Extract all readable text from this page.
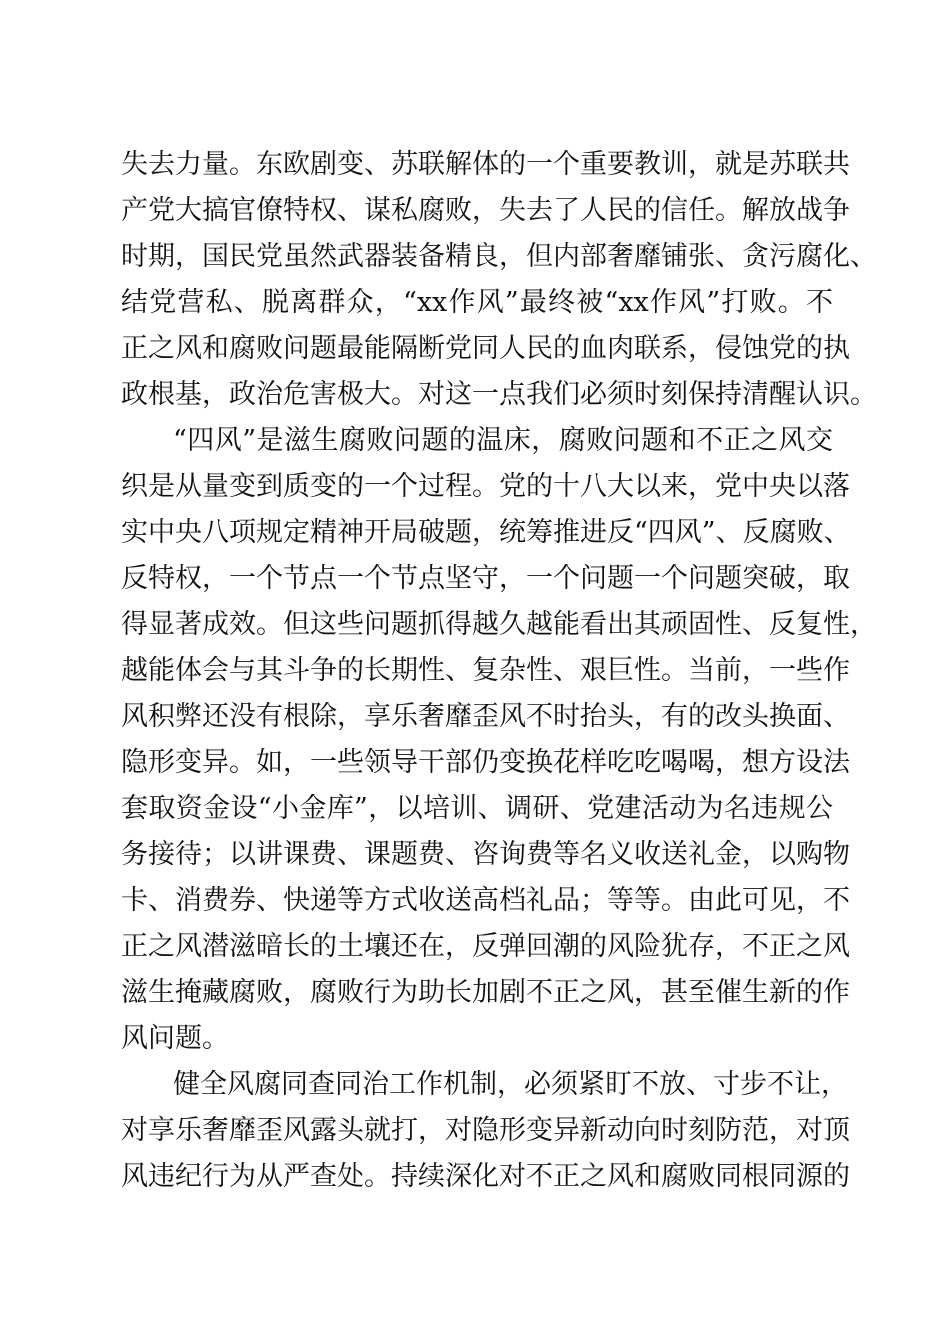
失去力量。东欧剧变、苏联解体的一个重要教训，就是苏联共
产党大搞官僚特权、谋私腐败，失去了人民的信任。解放战争
时期，国民党虽然武器装备精良，但内部奢靡铺张、贪污腐化、
结党营私、脱离群众，“xx作风”最终被“xx作风”打败。不
正之风和腐败问题最能隔断党同人民的血肉联系，侵蚀党的执
政根基，政治危害极大。对这一点我们必须时刻保持清醒认识。
“四风”是滋生腐败问题的温床，腐败问题和不正之风交
织是从量变到质变的一个过程。党的十八大以来，党中央以落
实中央八项规定精神开局破题，统筹推进反“四风”、反腐败、
反特权，一个节点一个节点坚守，一个问题一个问题突破，取
得显著成效。但这些问题抓得越久越能看出其顽固性、反复性，
越能体会与其斗争的长期性、复杂性、艰巨性。当前，一些作
风积弊还没有根除，享乐奢靡歪风不时抬头，有的改头换面、
隐形变异。如，一些领导干部仍变换花样吃吃喝喝，想方设法
套取资金设“小金库”，以培训、调研、党建活动为名违规公
务接待；以讲课费、课题费、咨询费等名义收送礼金，以购物
卡、消费券、快递等方式收送高档礼品；等等。由此可见，不
正之风潜滋暗长的土壤还在，反弹回潮的风险犹存，不正之风
滋生掩藏腐败，腐败行为助长加剧不正之风，甚至催生新的作
风问题。
健全风腐同查同治工作机制，必须紧盯不放、寸步不让，
对享乐奢靡歪风露头就打，对隐形变异新动向时刻防范，对顶
风违纪行为从严查处。持续深化对不正之风和腐败同根同源的
